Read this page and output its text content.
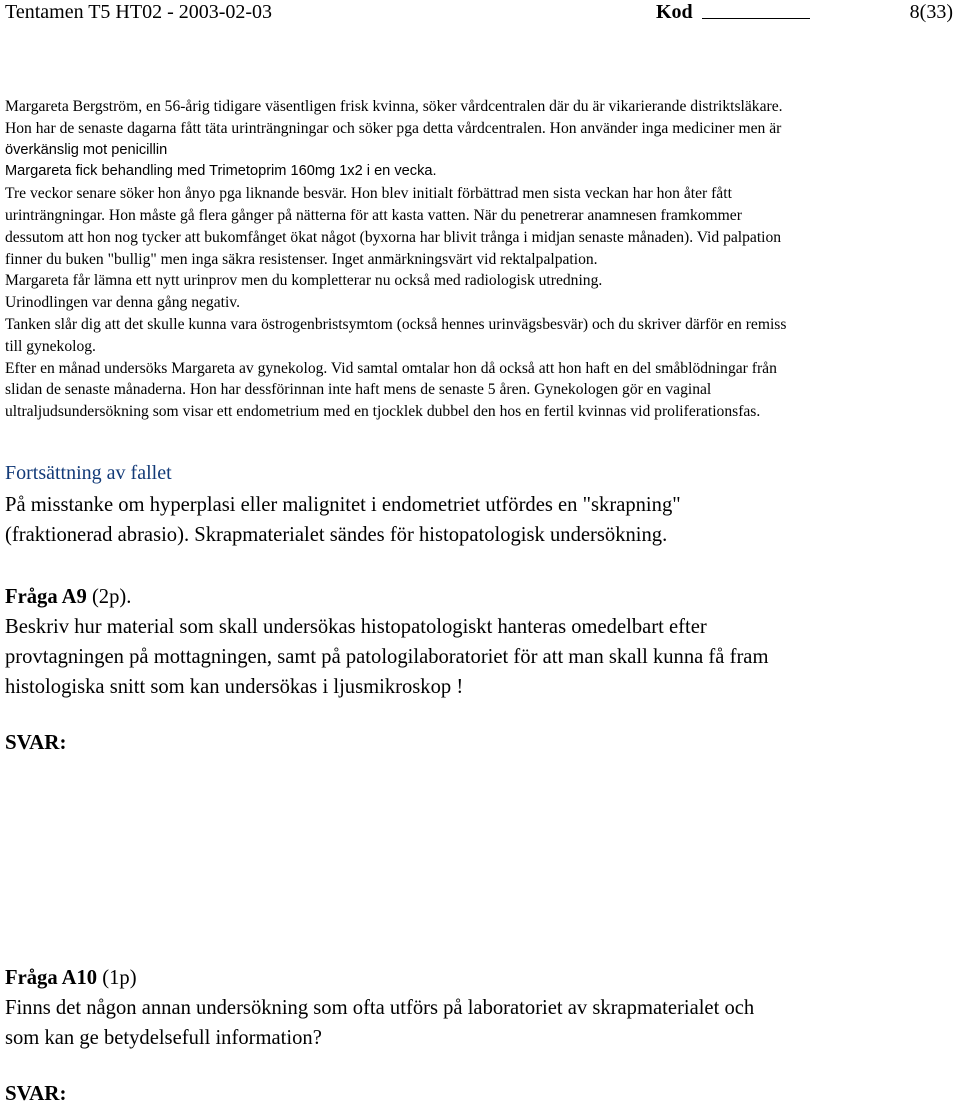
Tentamen T5 HT02 - 2003-02-03	Kod	8(33)
Margareta Bergström, en 56-årig tidigare väsentligen frisk kvinna, söker vårdcentralen där du är vikarierande distriktsläkare.
Hon har de senaste dagarna fått täta urinträngningar och söker pga detta vårdcentralen. Hon använder inga mediciner men är
överkänslig mot penicillin
Margareta fick behandling med Trimetoprim 160mg 1x2 i en vecka.
Tre veckor senare söker hon ånyo pga liknande besvär. Hon blev initialt förbättrad men sista veckan har hon åter fått
urinträngningar. Hon måste gå flera gånger på nätterna för att kasta vatten. När du penetrerar anamnesen framkommer
dessutom att hon nog tycker att bukomfånget ökat något (byxorna har blivit trånga i midjan senaste månaden). Vid palpation
finner du buken "bullig" men inga säkra resistenser. Inget anmärkningsvärt vid rektalpalpation.
Margareta får lämna ett nytt urinprov men du kompletterar nu också med radiologisk utredning.
Urinodlingen var denna gång negativ.
Tanken slår dig att det skulle kunna vara östrogenbristsymtom (också hennes urinvägsbesvär) och du skriver därför en remiss
till gynekolog.
Efter en månad undersöks Margareta av gynekolog. Vid samtal omtalar hon då också att hon haft en del småblödningar från
slidan de senaste månaderna. Hon har dessförinnan inte haft mens de senaste 5 åren. Gynekologen gör en vaginal
ultraljudsundersökning som visar ett endometrium med en tjocklek dubbel den hos en fertil kvinnas vid proliferationsfas.
Fortsättning av fallet
På misstanke om hyperplasi eller malignitet i endometriet utfördes en "skrapning"
(fraktionerad abrasio). Skrapmaterialet sändes för histopatologisk undersökning.
Fråga A9 (2p).
Beskriv hur material som skall undersökas histopatologiskt hanteras omedelbart efter
provtagningen på mottagningen, samt på patologilaboratoriet för att man skall kunna få fram
histologiska snitt som kan undersökas i ljusmikroskop !
SVAR:
Fråga A10 (1p)
Finns det någon annan undersökning som ofta utförs på laboratoriet av skrapmaterialet och
som kan ge betydelsefull information?
SVAR:
